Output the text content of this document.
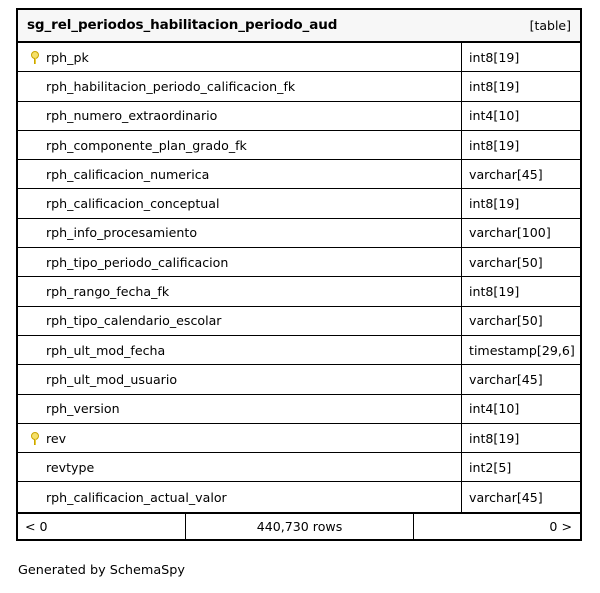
sg_rel_periodos_habilitacion_periodo_aud	[table]
rph_pk	int8[19]
rph_habilitacion_periodo_calificacion_fk	int8[19]
rph_numero_extraordinario	int4[10]
rph_componente_plan_grado_fk	int8[19]
rph_calificacion_numerica	varchar[45]
rph_calificacion_conceptual	int8[19]
rph_info_procesamiento	varchar[100]
rph_tipo_periodo_calificacion	varchar[50]
rph_rango_fecha_fk	int8[19]
rph_tipo_calendario_escolar	varchar[50]
rph_ult_mod_fecha	timestamp[29,6]
rph_ult_mod_usuario	varchar[45]
rph_version	int4[10]
rev	int8[19]
revtype	int2[5]
rph_calificacion_actual_valor	varchar[45]
< 0	440,730 rows	0 >
Generated by SchemaSpy
